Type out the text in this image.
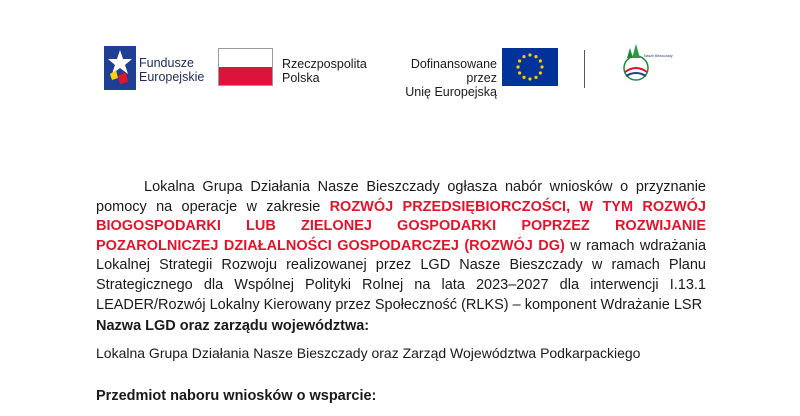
Fundusze
Europejskie
Rzeczpospolita
Polska
Dofinansowane przez
Unię Europejską
Nasze Bieszczady

Lokalna Grupa Działania Nasze Bieszczady ogłasza nabór wniosków o przyznanie pomocy na operacje w zakresie ROZWÓJ PRZEDSIĘBIORCZOŚCI, W TYM ROZWÓJ BIOGOSPODARKI LUB ZIELONEJ GOSPODARKI POPRZEZ ROZWIJANIE POZAROLNICZEJ DZIAŁALNOŚCI GOSPODARCZEJ (ROZWÓJ DG) w ramach wdrażania Lokalnej Strategii Rozwoju realizowanej przez LGD Nasze Bieszczady w ramach Planu Strategicznego dla Wspólnej Polityki Rolnej na lata 2023–2027 dla interwencji I.13.1 LEADER/Rozwój Lokalny Kierowany przez Społeczność (RLKS) – komponent Wdrażanie LSR

Nazwa LGD oraz zarządu województwa:
Lokalna Grupa Działania Nasze Bieszczady oraz Zarząd Województwa Podkarpackiego
Przedmiot naboru wniosków o wsparcie:
